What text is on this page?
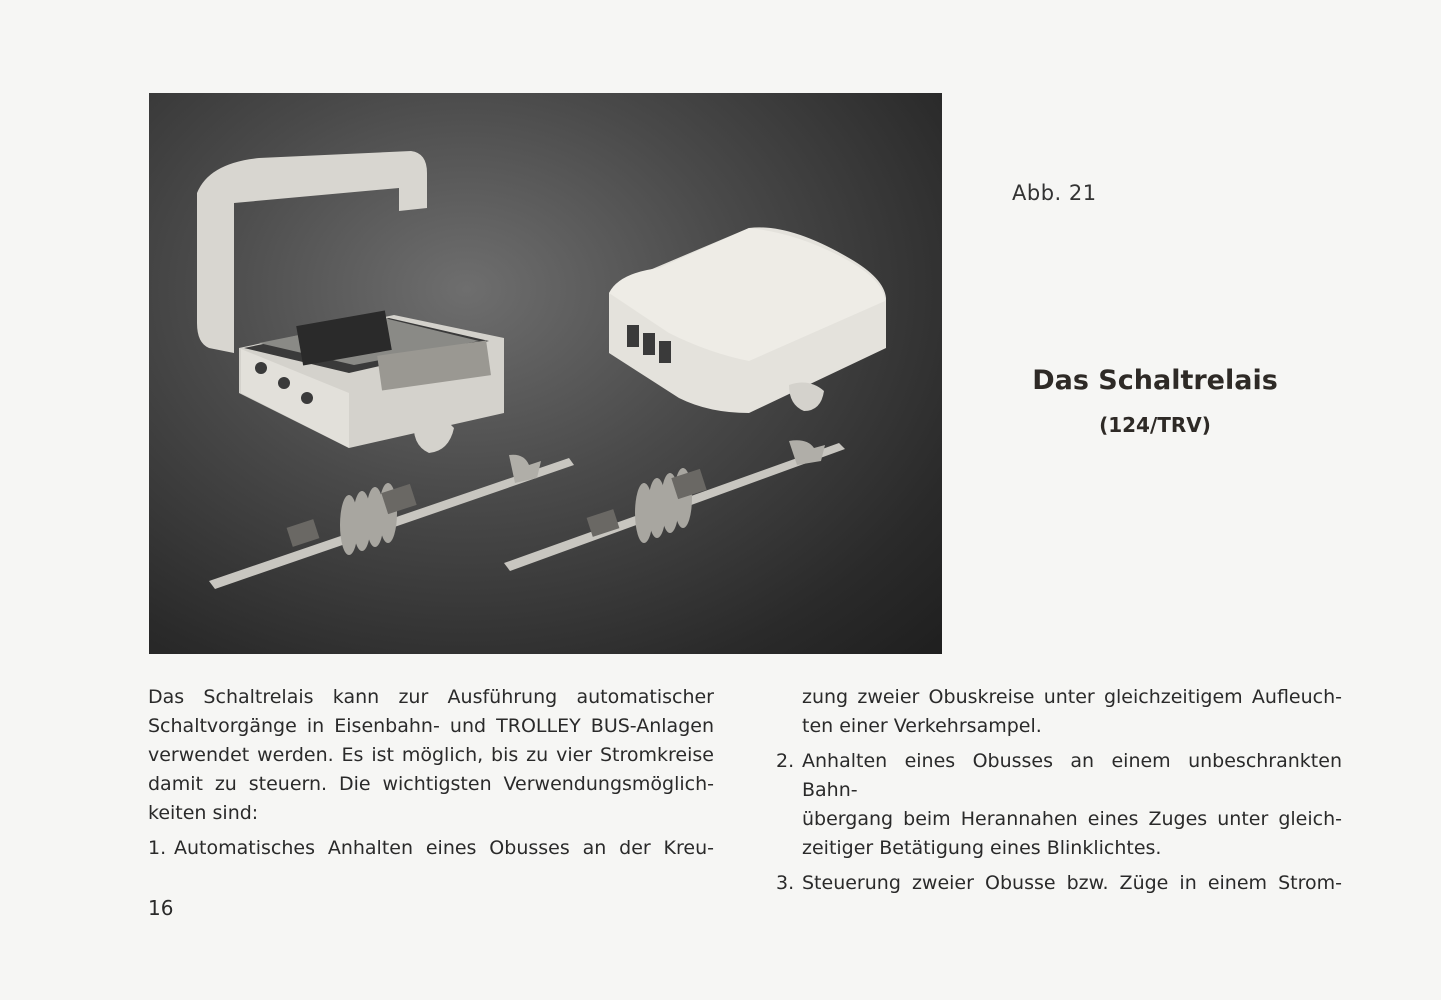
Abb. 21
Das Schaltrelais
(124/TRV)

Das Schaltrelais kann zur Ausführung automatischer

Schaltvorgänge in Eisenbahn- und TROLLEY BUS-Anlagen

verwendet werden. Es ist möglich, bis zu vier Stromkreise

damit zu steuern. Die wichtigsten Verwendungsmöglich-

keiten sind:

1. Automatisches Anhalten eines Obusses an der Kreu-

zung zweier Obuskreise unter gleichzeitigem Aufleuch-

ten einer Verkehrsampel.

2. Anhalten eines Obusses an einem unbeschrankten Bahn-

übergang beim Herannahen eines Zuges unter gleich-

zeitiger Betätigung eines Blinklichtes.

3. Steuerung zweier Obusse bzw. Züge in einem Strom-
16
